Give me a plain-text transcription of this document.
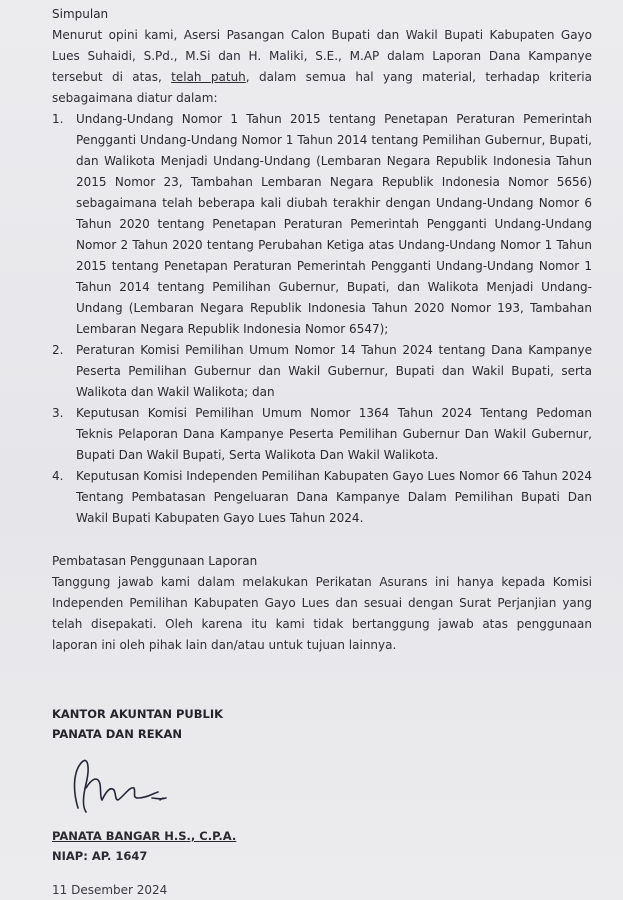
Simpulan

Menurut opini kami, Asersi Pasangan Calon Bupati dan Wakil Bupati Kabupaten Gayo Lues Suhaidi, S.Pd., M.Si dan H. Maliki, S.E., M.AP dalam Laporan Dana Kampanye tersebut di atas, telah patuh, dalam semua hal yang material, terhadap kriteria sebagaimana diatur dalam:

1. Undang-Undang Nomor 1 Tahun 2015 tentang Penetapan Peraturan Pemerintah Pengganti Undang-Undang Nomor 1 Tahun 2014 tentang Pemilihan Gubernur, Bupati, dan Walikota Menjadi Undang-Undang (Lembaran Negara Republik Indonesia Tahun 2015 Nomor 23, Tambahan Lembaran Negara Republik Indonesia Nomor 5656) sebagaimana telah beberapa kali diubah terakhir dengan Undang-Undang Nomor 6 Tahun 2020 tentang Penetapan Peraturan Pemerintah Pengganti Undang-Undang Nomor 2 Tahun 2020 tentang Perubahan Ketiga atas Undang-Undang Nomor 1 Tahun 2015 tentang Penetapan Peraturan Pemerintah Pengganti Undang-Undang Nomor 1 Tahun 2014 tentang Pemilihan Gubernur, Bupati, dan Walikota Menjadi Undang-Undang (Lembaran Negara Republik Indonesia Tahun 2020 Nomor 193, Tambahan Lembaran Negara Republik Indonesia Nomor 6547);
2. Peraturan Komisi Pemilihan Umum Nomor 14 Tahun 2024 tentang Dana Kampanye Peserta Pemilihan Gubernur dan Wakil Gubernur, Bupati dan Wakil Bupati, serta Walikota dan Wakil Walikota; dan
3. Keputusan Komisi Pemilihan Umum Nomor 1364 Tahun 2024 Tentang Pedoman Teknis Pelaporan Dana Kampanye Peserta Pemilihan Gubernur Dan Wakil Gubernur, Bupati Dan Wakil Bupati, Serta Walikota Dan Wakil Walikota.
4. Keputusan Komisi Independen Pemilihan Kabupaten Gayo Lues Nomor 66 Tahun 2024 Tentang Pembatasan Pengeluaran Dana Kampanye Dalam Pemilihan Bupati Dan Wakil Bupati Kabupaten Gayo Lues Tahun 2024.

Pembatasan Penggunaan Laporan

Tanggung jawab kami dalam melakukan Perikatan Asurans ini hanya kepada Komisi Independen Pemilihan Kabupaten Gayo Lues dan sesuai dengan Surat Perjanjian yang telah disepakati. Oleh karena itu kami tidak bertanggung jawab atas penggunaan laporan ini oleh pihak lain dan/atau untuk tujuan lainnya.

KANTOR AKUNTAN PUBLIK

PANATA DAN REKAN

PANATA BANGAR H.S., C.P.A.

NIAP: AP. 1647

11 Desember 2024
